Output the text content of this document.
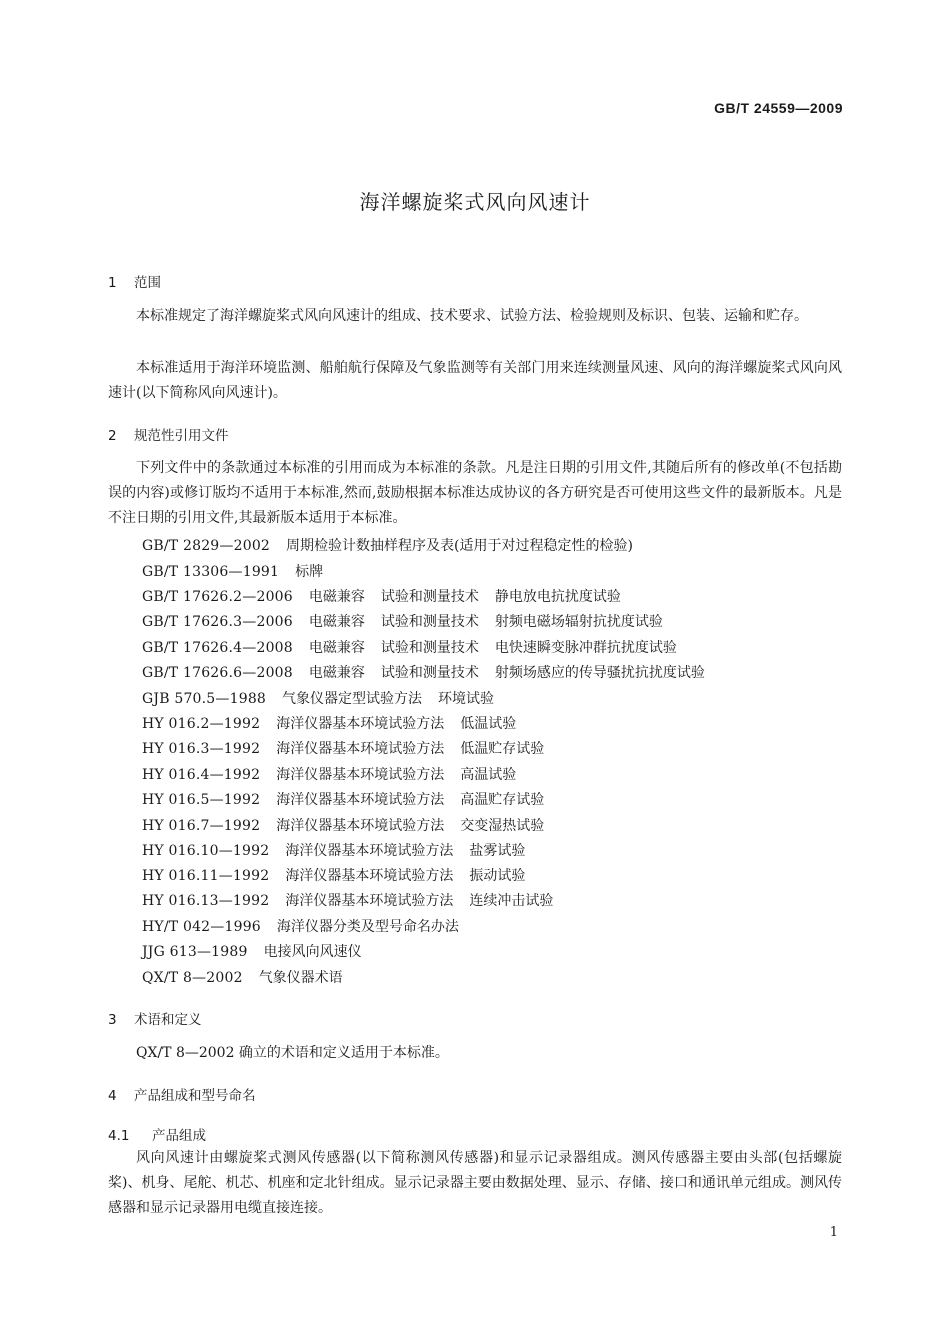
GB/T 24559—2009
海洋螺旋桨式风向风速计
1 范围
本标准规定了海洋螺旋桨式风向风速计的组成、技术要求、试验方法、检验规则及标识、包装、运输和贮存。
本标准适用于海洋环境监测、船舶航行保障及气象监测等有关部门用来连续测量风速、风向的海洋螺旋桨式风向风速计(以下简称风向风速计)。
2 规范性引用文件
下列文件中的条款通过本标准的引用而成为本标准的条款。凡是注日期的引用文件,其随后所有的修改单(不包括勘误的内容)或修订版均不适用于本标准,然而,鼓励根据本标准达成协议的各方研究是否可使用这些文件的最新版本。凡是不注日期的引用文件,其最新版本适用于本标准。
GB/T 2829—2002 周期检验计数抽样程序及表(适用于对过程稳定性的检验)
GB/T 13306—1991 标牌
GB/T 17626.2—2006 电磁兼容 试验和测量技术 静电放电抗扰度试验
GB/T 17626.3—2006 电磁兼容 试验和测量技术 射频电磁场辐射抗扰度试验
GB/T 17626.4—2008 电磁兼容 试验和测量技术 电快速瞬变脉冲群抗扰度试验
GB/T 17626.6—2008 电磁兼容 试验和测量技术 射频场感应的传导骚扰抗扰度试验
GJB 570.5—1988 气象仪器定型试验方法 环境试验
HY 016.2—1992 海洋仪器基本环境试验方法 低温试验
HY 016.3—1992 海洋仪器基本环境试验方法 低温贮存试验
HY 016.4—1992 海洋仪器基本环境试验方法 高温试验
HY 016.5—1992 海洋仪器基本环境试验方法 高温贮存试验
HY 016.7—1992 海洋仪器基本环境试验方法 交变湿热试验
HY 016.10—1992 海洋仪器基本环境试验方法 盐雾试验
HY 016.11—1992 海洋仪器基本环境试验方法 振动试验
HY 016.13—1992 海洋仪器基本环境试验方法 连续冲击试验
HY/T 042—1996 海洋仪器分类及型号命名办法
JJG 613—1989 电接风向风速仪
QX/T 8—2002 气象仪器术语
3 术语和定义
QX/T 8—2002 确立的术语和定义适用于本标准。
4 产品组成和型号命名
4.1 产品组成
风向风速计由螺旋桨式测风传感器(以下简称测风传感器)和显示记录器组成。测风传感器主要由头部(包括螺旋桨)、机身、尾舵、机芯、机座和定北针组成。显示记录器主要由数据处理、显示、存储、接口和通讯单元组成。测风传感器和显示记录器用电缆直接连接。
1
